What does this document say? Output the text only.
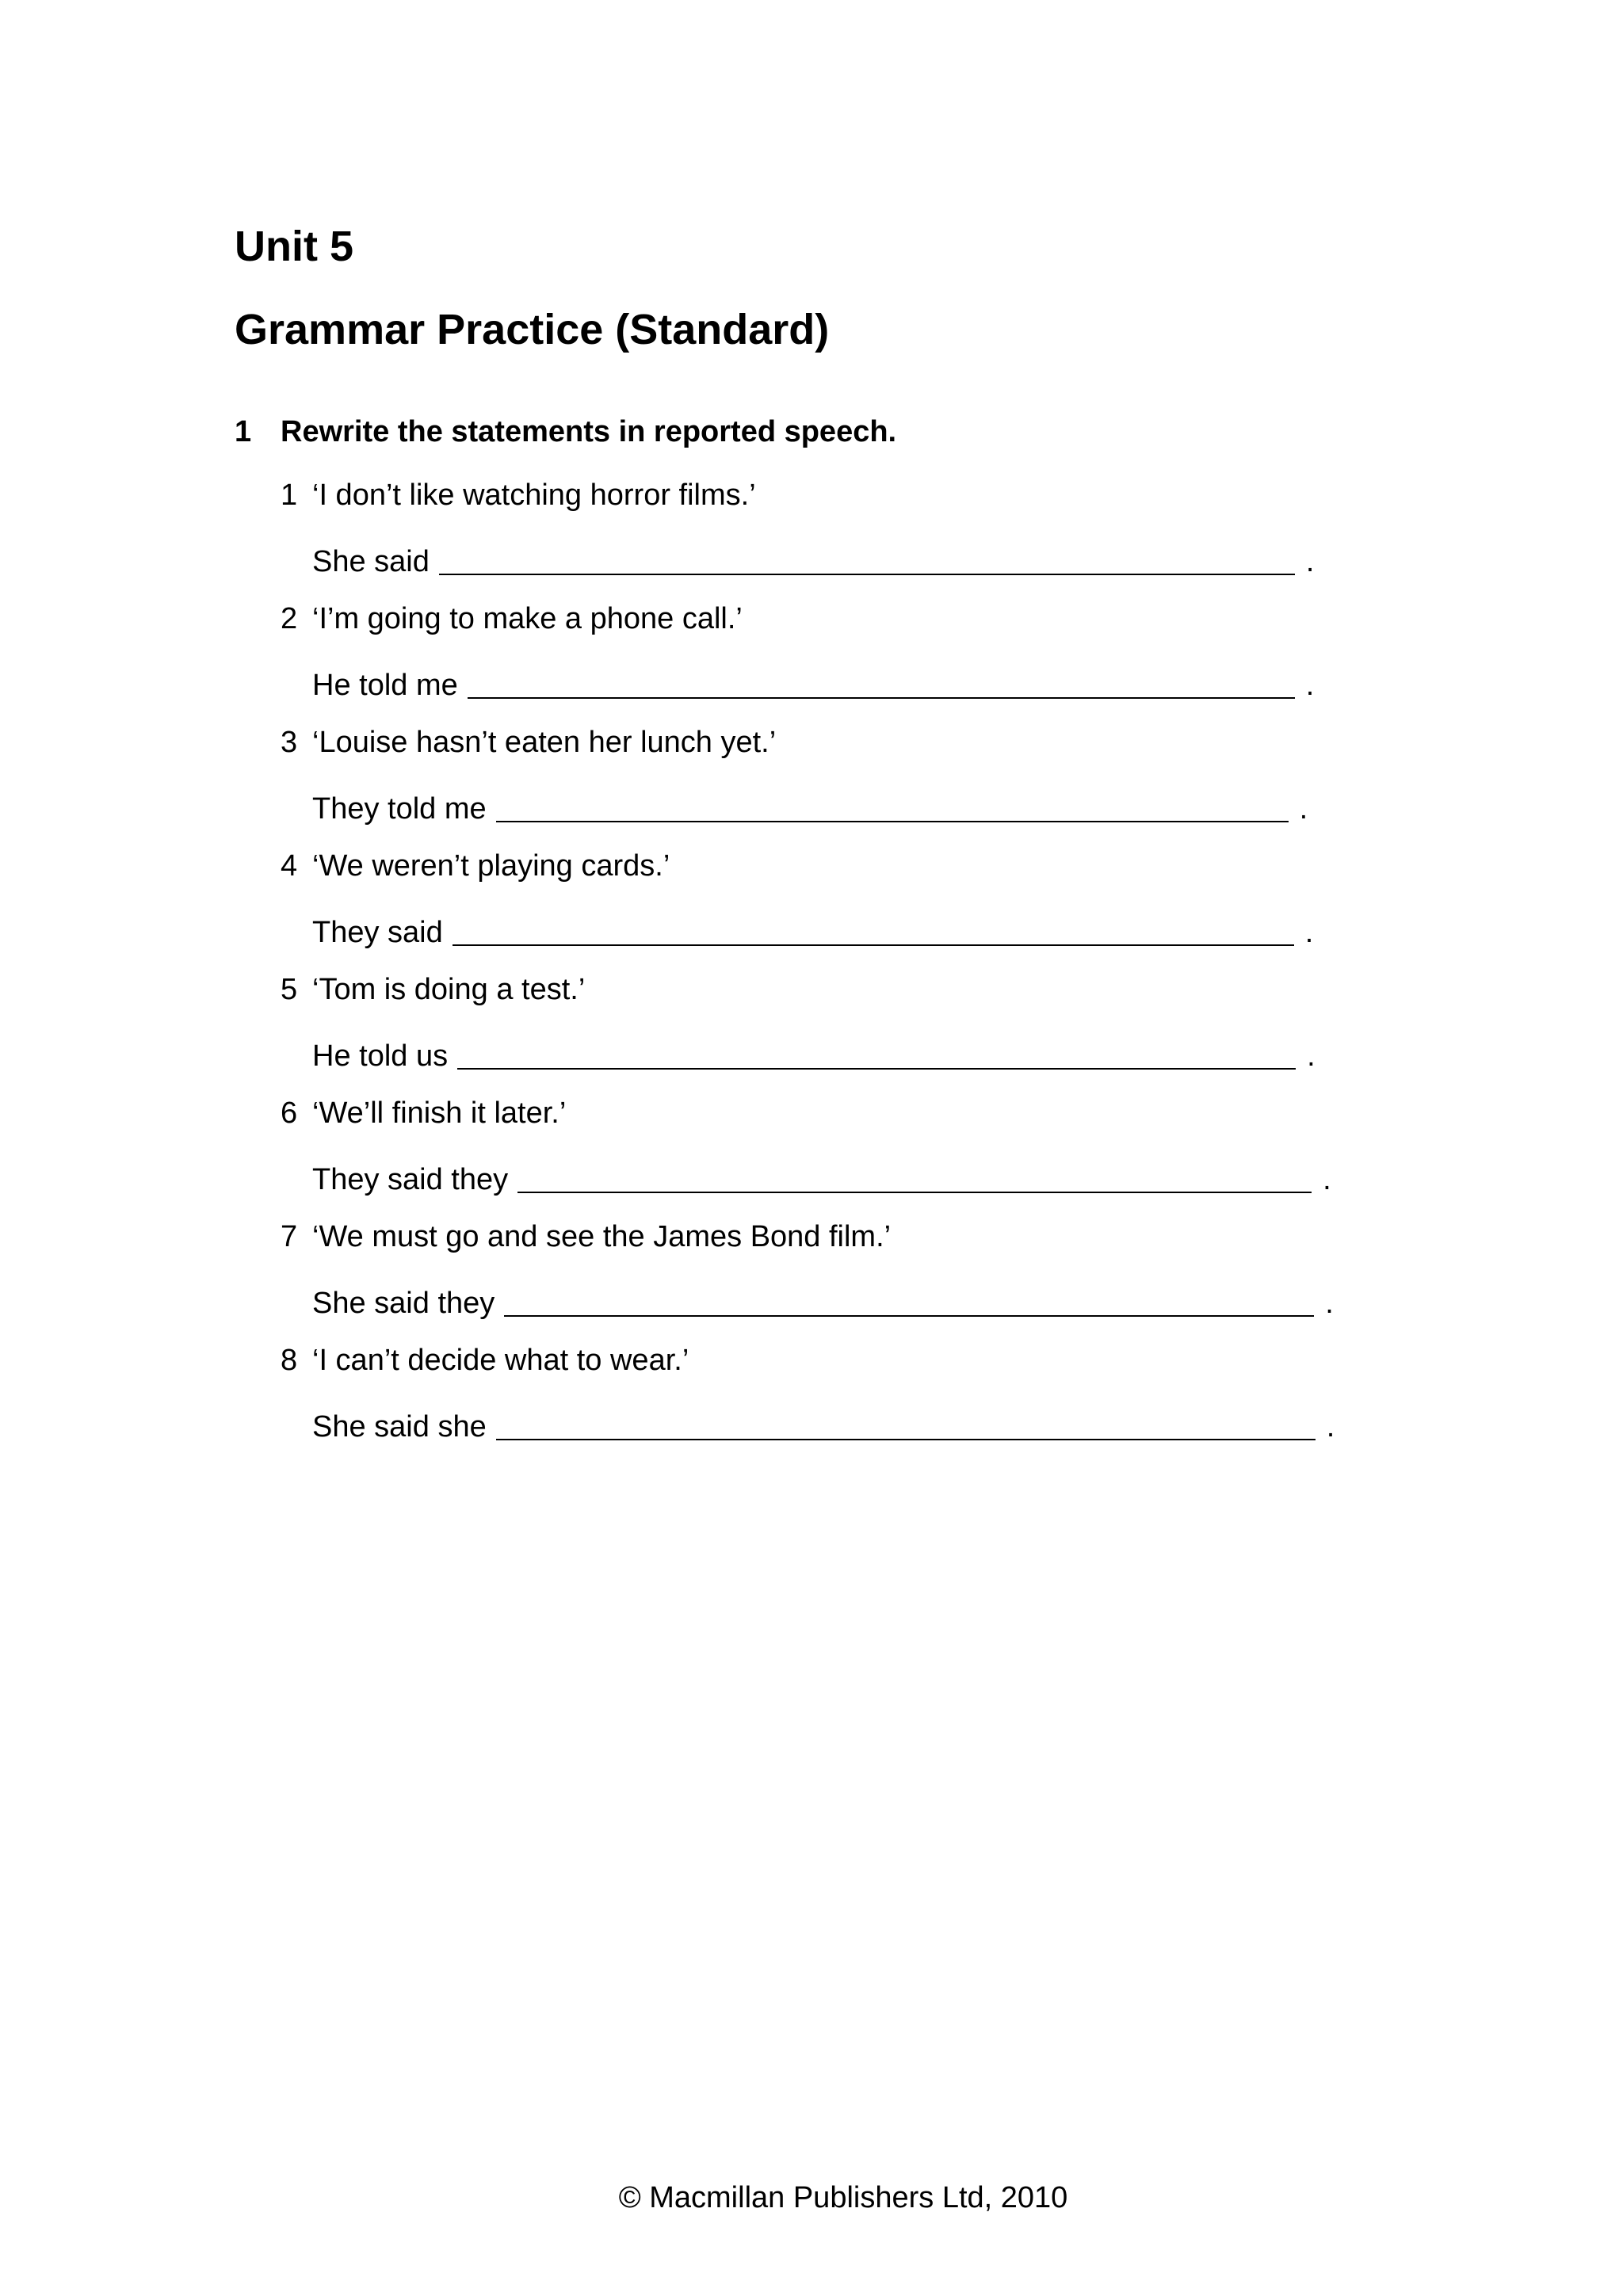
Unit 5
Grammar Practice (Standard)
1 Rewrite the statements in reported speech.
1 ‘I don’t like watching horror films.’
She said	.
2 ‘I’m going to make a phone call.’
He told me	.
3 ‘Louise hasn’t eaten her lunch yet.’
They told me	.
4 ‘We weren’t playing cards.’
They said	.
5 ‘Tom is doing a test.’
He told us	.
6 ‘We’ll finish it later.’
They said they	.
7 ‘We must go and see the James Bond film.’
She said they	.
8 ‘I can’t decide what to wear.’
She said she	.
© Macmillan Publishers Ltd, 2010
